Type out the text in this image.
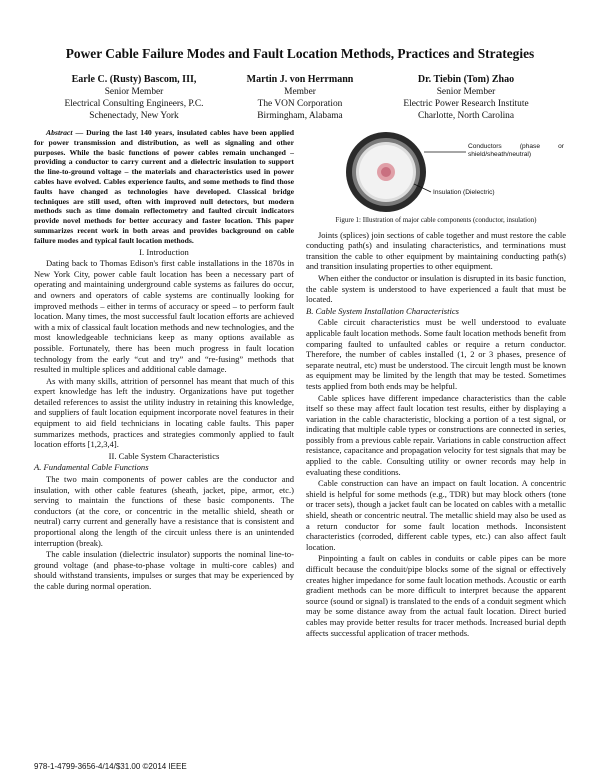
Power Cable Failure Modes and Fault Location Methods, Practices and Strategies
Earle C. (Rusty) Bascom, III,
Senior Member
Electrical Consulting Engineers, P.C.
Schenectady, New York
Martin J. von Herrmann
Member
The VON Corporation
Birmingham, Alabama
Dr. Tiebin (Tom) Zhao
Senior Member
Electric Power Research Institute
Charlotte, North Carolina

Abstract — During the last 140 years, insulated cables have been applied for power transmission and distribution, as well as signaling and other purposes. While the basic functions of power cables remain unchanged – providing a conductor to carry current and a dielectric insulation to support the line-to-ground voltage – the materials and characteristics used in power cables have evolved. Cables experience faults, and some methods to find those faults have changed as technologies have developed. Classical bridge techniques are still used, often with improved null detectors, but modern methods such as time domain reflectometry and faulted circuit indicators provide novel methods for better accuracy and faster location. This paper summarizes recent work in both areas and provides background on cable failure modes and typical fault location methods.

I. Introduction

Dating back to Thomas Edison's first cable installations in the 1870s in New York City, power cable fault location has been a necessary part of operating and maintaining underground cable systems as failures do occur, and owners and operators of cable systems are continually looking for improved methods – either in terms of accuracy or speed – to perform fault location. Many times, the most successful fault location efforts are achieved with a mix of classical fault location methods and new technologies, and the most knowledgeable technicians keep as many options available as possible. Fortunately, there has been much progress in fault location technology from the early “cut and try” and “re-fusing” methods that resulted in multiple splices and additional cable damage.

As with many skills, attrition of personnel has meant that much of this expert knowledge has left the industry. Organizations have put together detailed references to assist the utility industry in retaining this knowledge, and suppliers of fault location equipment incorporate novel features in their equipment to aid field technicians in locating cable faults. This paper summarizes methods, practices and strategies commonly applied to fault location efforts [1,2,3,4].

II. Cable System Characteristics

A. Fundamental Cable Functions

The two main components of power cables are the conductor and insulation, with other cable features (sheath, jacket, pipe, armor, etc.) serving to maintain the functions of these basic components. The conductors (at the core, or concentric in the metallic shield, sheath or neutral) carry current and generally have a resistance that is consistent and proportional along the length of the circuit unless there is an unintended interruption (break).

The cable insulation (dielectric insulator) supports the nominal line-to-ground voltage (and phase-to-phase voltage in multi-core cables) and should withstand transients, impulses or surges that may be experienced by the cable during normal operation.

Conductors (phase or shield/sheath/neutral)
Insulation (Dielectric)
Figure 1: Illustration of major cable components (conductor, insulation)

Joints (splices) join sections of cable together and must restore the cable conducting path(s) and insulating characteristics, and terminations must transition the cable to other equipment by maintaining conducting path(s) and transition insulating properties to other equipment.

When either the conductor or insulation is disrupted in its basic function, the cable system is understood to have experienced a fault that must be located.

B. Cable System Installation Characteristics

Cable circuit characteristics must be well understood to evaluate applicable fault location methods. Some fault location methods benefit from comparing faulted to unfaulted cables or require a return conductor. Therefore, the number of cables installed (1, 2 or 3 phases, presence of separate neutral, etc) must be understood. The circuit length must be known as equipment may be limited by the length that may be tested. Sometimes tests applied from both ends may be helpful.

Cable splices have different impedance characteristics than the cable itself so these may affect fault location test results, either by displaying a variation in the cable characteristic, blocking a portion of a test signal, or indicating that multiple cable types or constructions are connected in series, possibly from a previous cable repair. Variations in cable construction affect resistance, capacitance and propagation velocity for test signals that may be applied to the cable. Consulting utility or owner records may help in evaluating these conditions.

Cable construction can have an impact on fault location. A concentric shield is helpful for some methods (e.g., TDR) but may block others (tone or tracer sets), though a jacket fault can be located on cables with a metallic shield, sheath or concentric neutral. The metallic shield may also be used as a return conductor for some fault location methods. Inconsistent characteristics (corroded, different cable types, etc.) can also affect fault location.

Pinpointing a fault on cables in conduits or cable pipes can be more difficult because the conduit/pipe blocks some of the signal or effectively creates higher impedance for some fault location methods. Acoustic or earth gradient methods can be more difficult to interpret because the apparent source (sound or signal) is translated to the ends of a conduit segment which may be some distance away from the actual fault location. Direct buried cables may provide better results for tracer methods. Increased burial depth affects successful application of tracer methods.

978-1-4799-3656-4/14/$31.00 ©2014 IEEE
